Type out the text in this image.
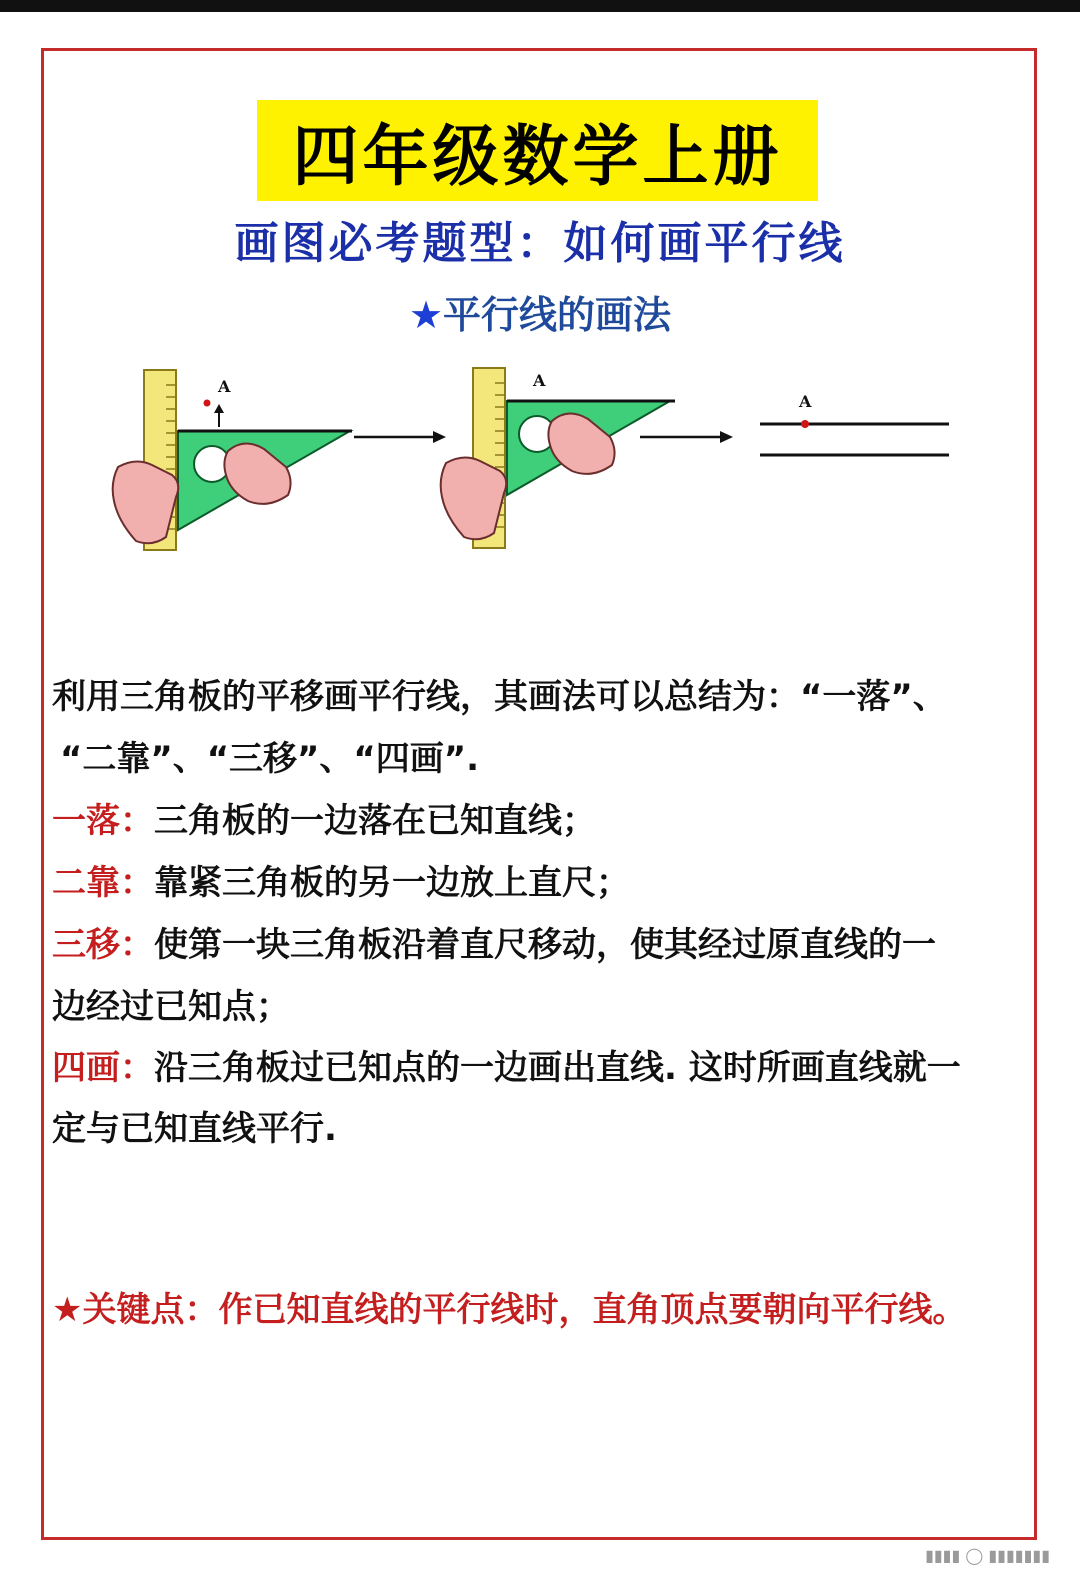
四年级数学上册
画图必考题型：如何画平行线
★平行线的画法
A	A
A
利用三角板的平移画平行线，其画法可以总结为：“一落”、
“二靠”、“三移”、“四画”.
一落：三角板的一边落在已知直线；
二靠：靠紧三角板的另一边放上直尺；
三移：使第一块三角板沿着直尺移动，使其经过原直线的一
边经过已知点；
四画：沿三角板过已知点的一边画出直线. 这时所画直线就一
定与已知直线平行.
★关键点：作已知直线的平行线时，直角顶点要朝向平行线。
▮▮▮▮ ◯ ▮▮▮▮▮▮▮
